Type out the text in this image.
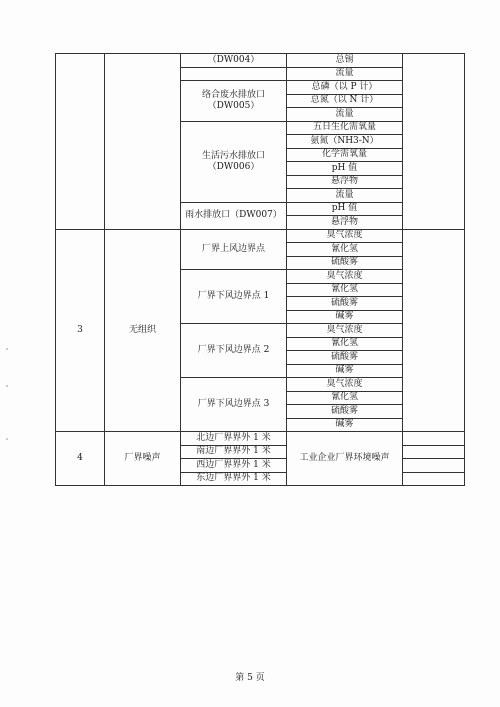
		（DW004）	总锡	
			流量	
		络合废水排放口
（DW005）	总磷（以 P 计）	
			总氮（以 N 计）	
			流量	
		生活污水排放口
（DW006）	五日生化需氧量	
			氨氮（NH3-N）	
			化学需氧量	
			pH 值	
			悬浮物	
			流量	
		雨水排放口（DW007）	pH 值	
			悬浮物	
3	无组织	厂界上风边界点	臭气浓度	
			氰化氢	
			硫酸雾	
		厂界下风边界点 1	臭气浓度	
			氰化氢	
			硫酸雾	
			碱雾	
		厂界下风边界点 2	臭气浓度	
			氰化氢	
			硫酸雾	
			碱雾	
		厂界下风边界点 3	臭气浓度	
			氰化氢	
			硫酸雾	
			碱雾	
4	厂界噪声	北边厂界界外 1 米	工业企业厂界环境噪声	
		南边厂界界外 1 米		
		西边厂界界外 1 米		
		东边厂界界外 1 米		
第 5 页
